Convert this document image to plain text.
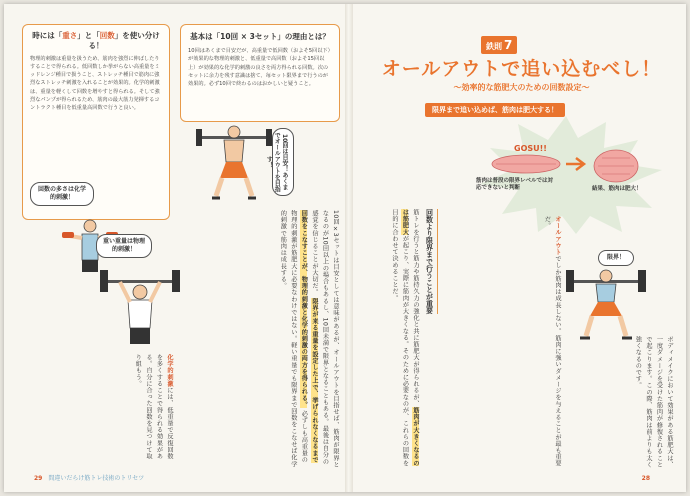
時には「重さ」と「回数」を使い分ける！

物理的刺激は重量を扱うため、筋肉を強烈に伸ばしたりすることで得られる。低回数しか挙がらない高重量をミッドレンジ種目で扱うこと、ストレッチ種目で筋肉に強烈なストレッチ刺激を入れることが効果的。化学的刺激は、重量を軽くして回数を増やすと得られる。そして強烈なパンプが得られるため、筋肉の最大筋力発揮するコントラクト種目を低重量高回数で行うと良い。

基本は「10回 × 3セット」の理由とは？

10回はあくまで目安だが、高重量で低回数（およそ5回以下）が効果的な物理的刺激と、低重量で高回数（およそ15回以上）が効果的な化学的刺激の良さを両方得られる回数。次のセットに余力を残す意識は捨て、毎セット限界まで行うのが効果的。必ず10回で終わるのはおかしいと疑うこと。

10回は目安！あくまでオールアウトを目指す！
回数の多さは化学的刺激！
重い重量は物理的刺激！	10回×3セットは目安としては意味があるが、オールアウトを目指せば、筋肉が限界となるのが10回以上の場合もあるし、10回未満で限界となることもある。最後は自分の感覚を信じることが大切だ。 限界が来る重量を設定した上で、挙げられなくなるまで回数をこなすことが、物理的刺激と化学的刺激の両方を得られる。 必ずしも高重量の物理的刺激が筋肥大に必要なわけではない。軽い重量でも限界まで回数をこなせば化学的刺激で筋肉は成長する。
化学的刺激には、低重量で反復回数を多くすることで得られる効果がある。自分に合った回数を見つけて取り組もう。
29 間違いだらけ筋トレ技術のトリセツ
鉄則 7
オールアウトで追い込むべし！
〜効率的な筋肥大のための回数設定〜
限界まで追い込めば、筋肉は肥大する！
GOSU!!
筋肉は普段の限界レベルでは対応できないと判断	結果、筋肉は肥大！
限界！
回数より限界まで行うことが重要
筋トレを行うと筋力や筋持久力の強化と共に筋肥大が得られるが、筋肉が大きくなるのは筋肥大が起こり、実際に筋肉が大きくなる。そのために必要なのが、これらの回数を目的に合わせて決めることだ。	オールアウトでしか筋肉は成長しない。筋肉に強いダメージを与えることが最も重要だ。
ボディメイクにおいて効果がある筋肥大は、一度ダメージを受けた筋肉が修復されることで起こります。この際、筋肉は前よりも太く強くなるのです。
28
